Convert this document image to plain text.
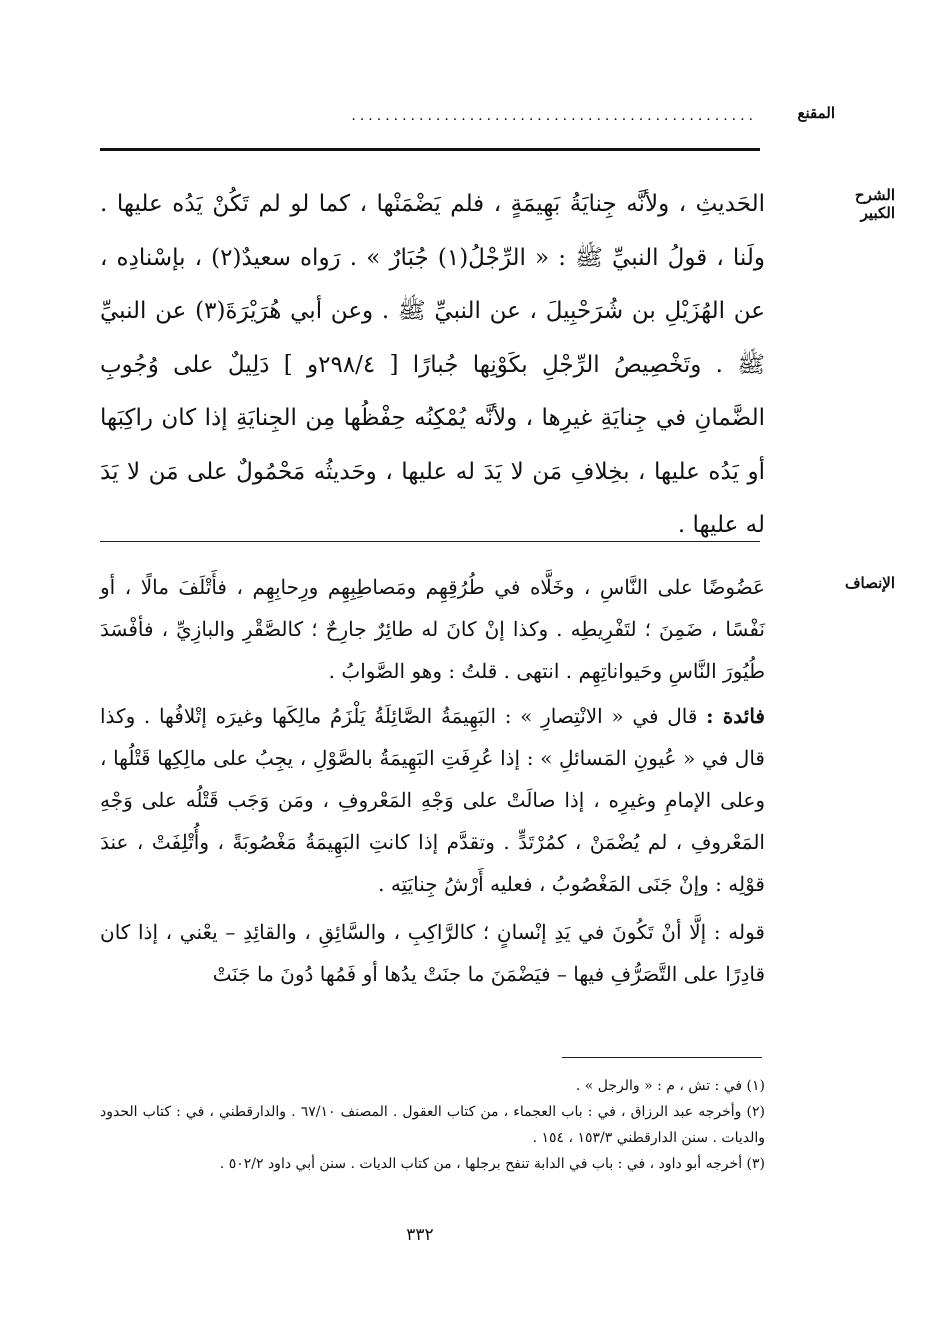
المقنع
................................................
الشرح الكبير

الحَديثِ ، ولأنَّه جِنايَةُ بَهِيمَةٍ ، فلم يَضْمَنْها ، كما لو لم تَكُنْ يَدُه عليها . ولَنا ، قولُ النبيِّ ﷺ : « الرِّجْلُ(١) جُبَارٌ » . رَواه سعيدٌ(٢) ، بإسْنادِه ، عن الهُزَيْلِ بن شُرَحْبِيلَ ، عن النبيِّ ﷺ . وعن أبي هُرَيْرَةَ(٣) عن النبيِّ ﷺ . وتَخْصِيصُ الرِّجْلِ بكَوْنِها جُبارًا [ ٢٩٨/٤و ] دَلِيلٌ على وُجُوبِ الضَّمانِ في جِنايَةِ غيرِها ، ولأنَّه يُمْكِنُه حِفْظُها مِن الجِنايَةِ إذا كان راكِبَها أو يَدُه عليها ، بخِلافِ مَن لا يَدَ له عليها ، وحَديثُه مَحْمُولٌ على مَن لا يَدَ له عليها .

الإنصاف

عَضُوضًا على النَّاسِ ، وخَلَّاه في طُرُقِهِم ومَصاطِبِهِم ورِحابِهِم ، فأَتْلَفَ مالًا ، أو نَفْسًا ، ضَمِنَ ؛ لتَفْرِيطِه . وكذا إنْ كانَ له طائِرٌ جارِحٌ ؛ كالصَّقْرِ والبازِيِّ ، فأفْسَدَ طُيُورَ النَّاسِ وحَيواناتِهِم . انتهى . قلتُ : وهو الصَّوابُ .

فائدة : قال في « الانْتِصارِ » : البَهِيمَةُ الصَّائِلَةُ يَلْزَمُ مالِكَها وغيرَه إتْلافُها . وكذا قال في « عُيونِ المَسائلِ » : إذا عُرِفَتِ البَهِيمَةُ بالصَّوْلِ ، يجِبُ على مالِكِها قَتْلُها ، وعلى الإمامِ وغيرِه ، إذا صالَتْ على وَجْهِ المَعْروفِ ، ومَن وَجَب قَتْلُه على وَجْهِ المَعْروفِ ، لم يُضْمَنْ ، كمُرْتَدٍّ . وتقدَّم إذا كانتِ البَهِيمَةُ مَغْصُوبَةً ، وأُتْلِفَتْ ، عندَ قوْلِه : وإنْ جَنَى المَغْصُوبُ ، فعليه أَرْشُ جِنايَتِه .

قوله : إلَّا أنْ تَكُونَ في يَدِ إنْسانٍ ؛ كالرَّاكِبِ ، والسَّائِقِ ، والقائِدِ – يعْني ، إذا كان قادِرًا على التَّصَرُّفِ فيها – فيَضْمَنَ ما جنَتْ يدُها أو فَمُها دُونَ ما جَنَتْ

(١) في : تش ، م : « والرجل » .

(٢) وأخرجه عبد الرزاق ، في : باب العجماء ، من كتاب العقول . المصنف ٦٧/١٠ . والدارقطني ، في : كتاب الحدود والديات . سنن الدارقطني ١٥٣/٣ ، ١٥٤ .

(٣) أخرجه أبو داود ، في : باب في الدابة تنفح برجلها ، من كتاب الديات . سنن أبي داود ٥٠٢/٢ .

٣٣٢
